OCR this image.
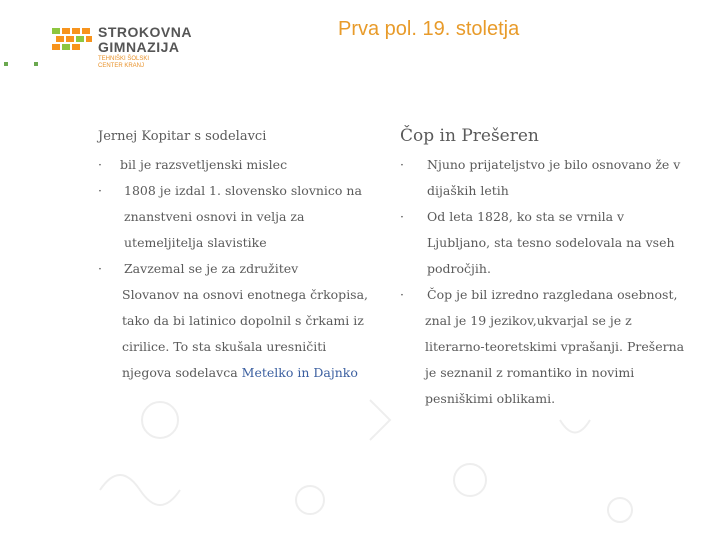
STROKOVNA
GIMNAZIJA
TEHNIŠKI ŠOLSKI
CENTER KRANJ
Prva pol. 19. stoletja
Jernej Kopitar s sodelavci
· bil je razsvetljenski mislec
· 1808 je izdal 1. slovensko slovnico na znanstveni osnovi in velja za utemeljitelja slavistike
· Zavzemal se je za združitev
Slovanov na osnovi enotnega črkopisa, tako da bi latinico dopolnil s črkami iz cirilice. To sta skušala uresničiti njegova sodelavca Metelko in Dajnko
Čop in Prešeren
· Njuno prijateljstvo je bilo osnovano že v dijaških letih
· Od leta 1828, ko sta se vrnila v Ljubljano, sta tesno sodelovala na vseh področjih.
· Čop je bil izredno razgledana osebnost,
znal je 19 jezikov,ukvarjal se je z literarno-teoretskimi vprašanji. Prešerna je seznanil z romantiko in novimi pesniškimi oblikami.
